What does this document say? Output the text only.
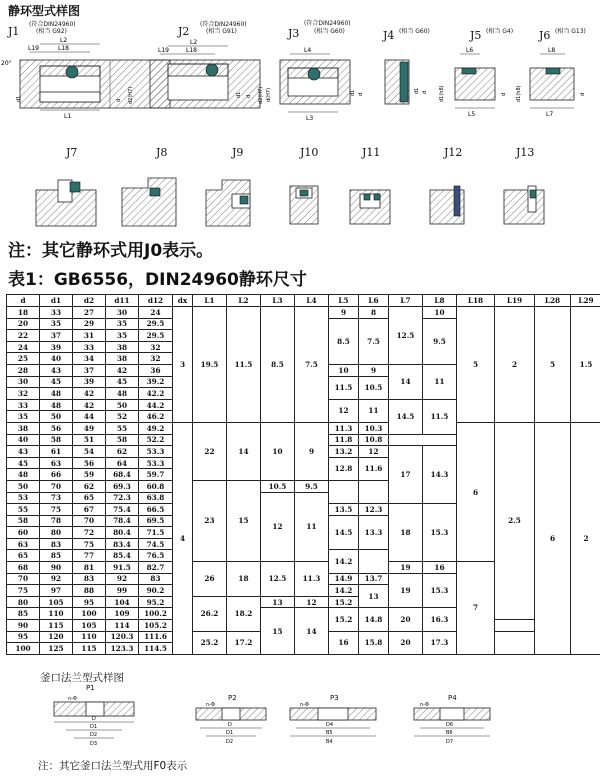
静环型式样图
J1
(符合DIN24960)
(相当 G92)	J2
(符合DIN24960)
(相当 G91)	J3
(符合DIN24960)
(相当 G60)	J4 (相当 G60)	J5 (相当 G4) J6 (相当 G13)
L2
L19	L18
L1
20°
d1	d d2(H7)
L2
L19	L18
d1 d d2(H7)
L4
L3
d1 d
d(H7)	d1 d
L6
L5
d1(h8)	d
L8
L7
d1(h8)	d
J7	J8	J9	J10	J11	J12	J13
注：其它静环式用J0表示。
表1：GB6556，DIN24960静环尺寸
d	d1	d2	d11	d12	dx	L1	L2	L3	L4	L5	L6	L7	L8	L18	L19	L28	L29	
18	33	27	30	24	3	19.5	11.5	8.5	7.5	9	8	12.5	10	5	2	5	1.5	
20	35	29	35	29.5						8.5	7.5		9.5					
22	37	31	35	29.5														
24	39	33	38	32														
25	40	34	38	32														
28	43	37	42	36						10	9	14	11					
30	45	39	45	39.2						11.5	10.5							
32	48	42	48	42.2														
33	48	42	50	44.2						12	11	14.5	11.5					
35	50	44	52	46.2														
38	56	49	55	49.2	4	22	14	10	9	11.3	10.3			6	2.5	6	2	
40	58	51	58	52.2						11.8	10.8							
43	61	54	62	53.3						13.2	12	17	14.3					
45	63	56	64	53.3						12.8	11.6							
48	66	59	68.4	59.7														
50	70	62	69.3	60.8		23	15	10.5	9.5									
53	73	65	72.3	63.8				12	11									
55	75	67	75.4	66.5						13.5	12.3	18	15.3					
58	78	70	78.4	69.5						14.5	13.3							
60	80	72	80.4	71.5														
63	83	75	83.4	74.5														
65	85	77	85.4	76.5						14.2								
68	90	81	91.5	82.7		26	18	12.5	11.3			19	16	7				
70	92	83	92	83						14.9	13.7	19	15.3					
75	97	88	99	90.2						14.2	13							
80	105	95	104	95.2		26.2	18.2	13	12	15.2	
85	110	100	109	100.2				15	14	15.2	14.8	20	16.3					
90	115	105	114	105.2														
95	120	110	120.3	111.6		25.2	17.2			16	15.8	20	17.3					
100	125	115	123.3	114.5														
釜口法兰型式样图
P1
P2	P3	P4
n-Φ
D
D1
D2
D3
n-Φ
D
D1
D2
n-Φ
D4
B5
B4
n-Φ
D6
B6
D7
注：其它釜口法兰型式用F0表示
